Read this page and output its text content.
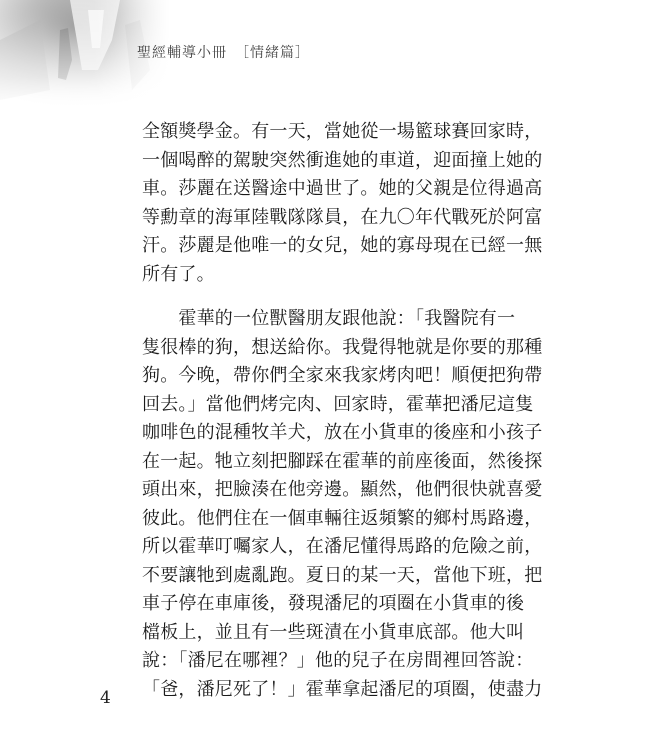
聖經輔導小冊 ［情緒篇］
全額獎學金。有一天，當她從一場籃球賽回家時，
一個喝醉的駕駛突然衝進她的車道，迎面撞上她的
車。莎麗在送醫途中過世了。她的父親是位得過高
等勳章的海軍陸戰隊隊員，在九〇年代戰死於阿富
汗。莎麗是他唯一的女兒，她的寡母現在已經一無
所有了。
　　霍華的一位獸醫朋友跟他說：「我醫院有一
隻很棒的狗，想送給你。我覺得牠就是你要的那種
狗。今晚，帶你們全家來我家烤肉吧！順便把狗帶
回去。」當他們烤完肉、回家時，霍華把潘尼這隻
咖啡色的混種牧羊犬，放在小貨車的後座和小孩子
在一起。牠立刻把腳踩在霍華的前座後面，然後探
頭出來，把臉湊在他旁邊。顯然，他們很快就喜愛
彼此。他們住在一個車輛往返頻繁的鄉村馬路邊，
所以霍華叮囑家人，在潘尼懂得馬路的危險之前，
不要讓牠到處亂跑。夏日的某一天，當他下班，把
車子停在車庫後，發現潘尼的項圈在小貨車的後
檔板上，並且有一些斑漬在小貨車底部。他大叫
說：「潘尼在哪裡？」他的兒子在房間裡回答說：
「爸，潘尼死了！」霍華拿起潘尼的項圈，使盡力
4
